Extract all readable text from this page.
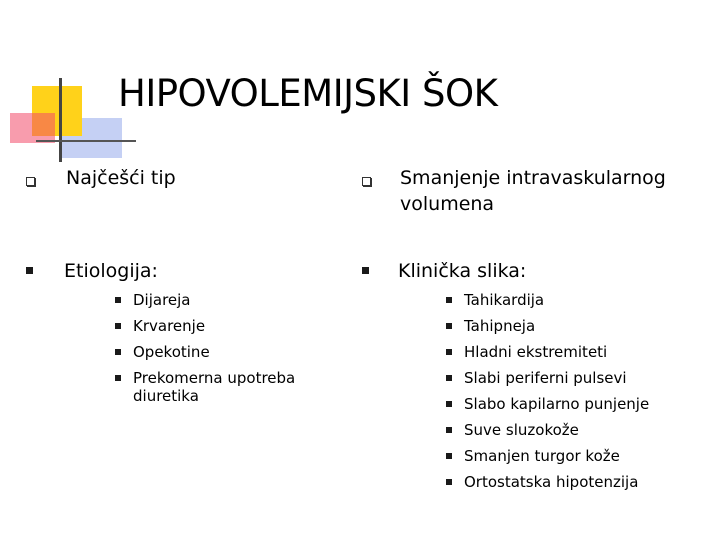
HIPOVOLEMIJSKI ŠOK
Najčešći tip
Etiologija:
Dijareja
Krvarenje
Opekotine
Prekomerna upotreba diuretika
Smanjenje intravaskularnog volumena
Klinička slika:
Tahikardija
Tahipneja
Hladni ekstremiteti
Slabi periferni pulsevi
Slabo kapilarno punjenje
Suve sluzokože
Smanjen turgor kože
Ortostatska hipotenzija
